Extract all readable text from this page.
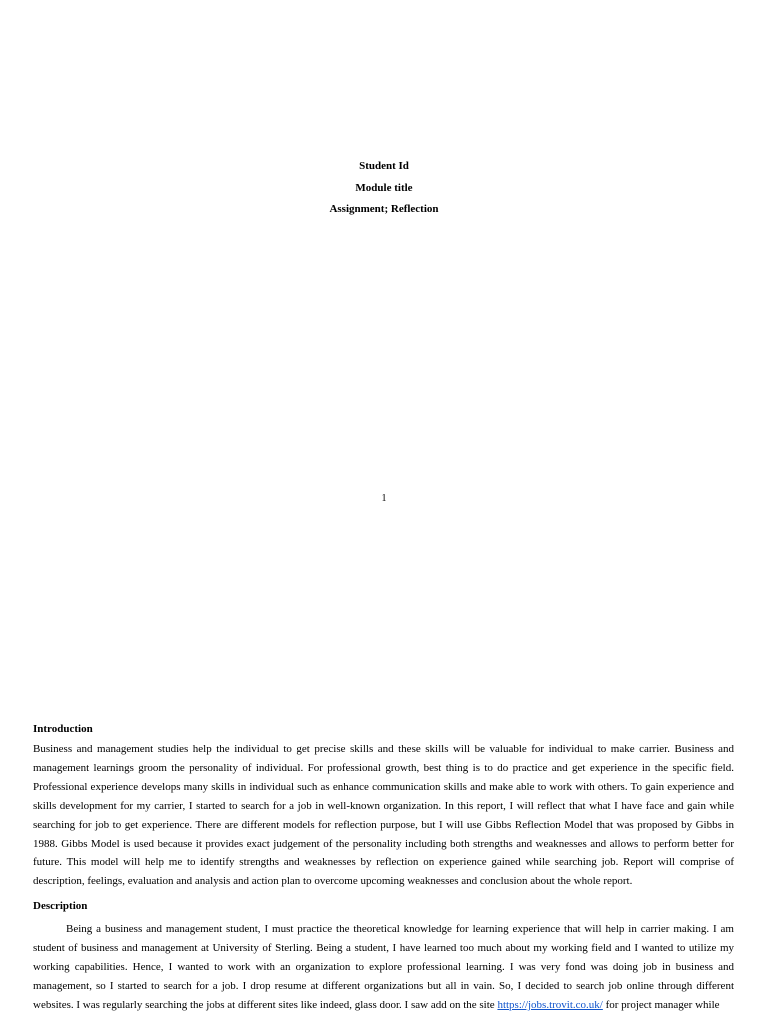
Student Id

Module title

Assignment; Reflection

1

Introduction

Business and management studies help the individual to get precise skills and these skills will be valuable for individual to make carrier. Business and management learnings groom the personality of individual. For professional growth, best thing is to do practice and get experience in the specific field. Professional experience develops many skills in individual such as enhance communication skills and make able to work with others. To gain experience and skills development for my carrier, I started to search for a job in well-known organization. In this report, I will reflect that what I have face and gain while searching for job to get experience. There are different models for reflection purpose, but I will use Gibbs Reflection Model that was proposed by Gibbs in 1988. Gibbs Model is used because it provides exact judgement of the personality including both strengths and weaknesses and allows to perform better for future. This model will help me to identify strengths and weaknesses by reflection on experience gained while searching job. Report will comprise of description, feelings, evaluation and analysis and action plan to overcome upcoming weaknesses and conclusion about the whole report.

Description

Being a business and management student, I must practice the theoretical knowledge for learning experience that will help in carrier making. I am student of business and management at University of Sterling. Being a student, I have learned too much about my working field and I wanted to utilize my working capabilities. Hence, I wanted to work with an organization to explore professional learning. I was very fond was doing job in business and management, so I started to search for a job. I drop resume at different organizations but all in vain. So, I decided to search job online through different websites. I was regularly searching the jobs at different sites like indeed, glass door. I saw add on the site https://jobs.trovit.co.uk/ for project manager while
